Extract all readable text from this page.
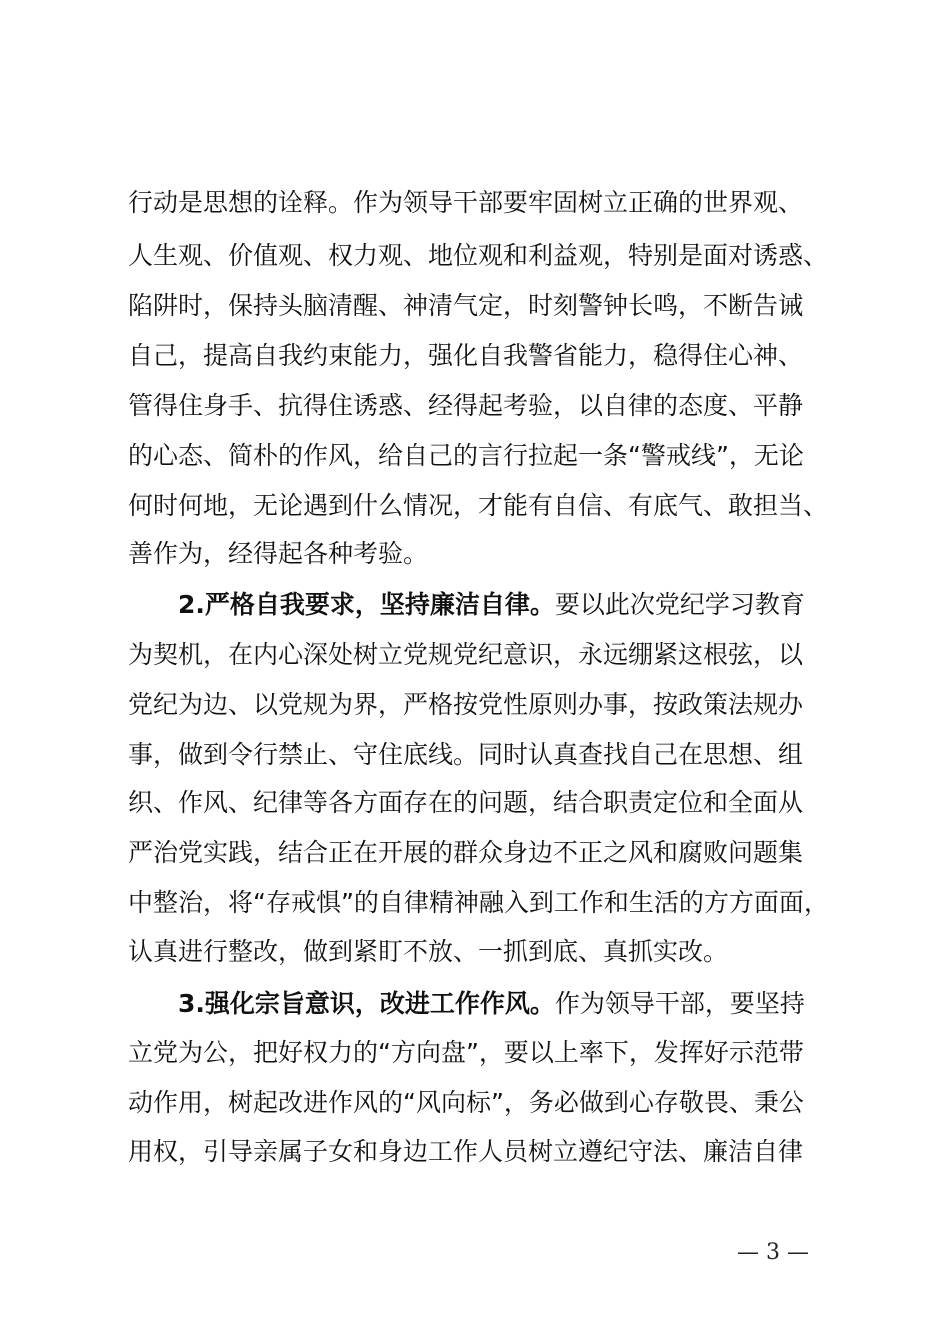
行动是思想的诠释。作为领导干部要牢固树立正确的世界观、
人生观、价值观、权力观、地位观和利益观，特别是面对诱惑、
陷阱时，保持头脑清醒、神清气定，时刻警钟长鸣，不断告诫
自己，提高自我约束能力，强化自我警省能力，稳得住心神、
管得住身手、抗得住诱惑、经得起考验，以自律的态度、平静
的心态、简朴的作风，给自己的言行拉起一条“警戒线”，无论
何时何地，无论遇到什么情况，才能有自信、有底气、敢担当、
善作为，经得起各种考验。
2.严格自我要求，坚持廉洁自律。要以此次党纪学习教育
为契机，在内心深处树立党规党纪意识，永远绷紧这根弦，以
党纪为边、以党规为界，严格按党性原则办事，按政策法规办
事，做到令行禁止、守住底线。同时认真查找自己在思想、组
织、作风、纪律等各方面存在的问题，结合职责定位和全面从
严治党实践，结合正在开展的群众身边不正之风和腐败问题集
中整治，将“存戒惧”的自律精神融入到工作和生活的方方面面，
认真进行整改，做到紧盯不放、一抓到底、真抓实改。
3.强化宗旨意识，改进工作作风。作为领导干部，要坚持
立党为公，把好权力的“方向盘”，要以上率下，发挥好示范带
动作用，树起改进作风的“风向标”，务必做到心存敬畏、秉公
用权，引导亲属子女和身边工作人员树立遵纪守法、廉洁自律
— 3 —
